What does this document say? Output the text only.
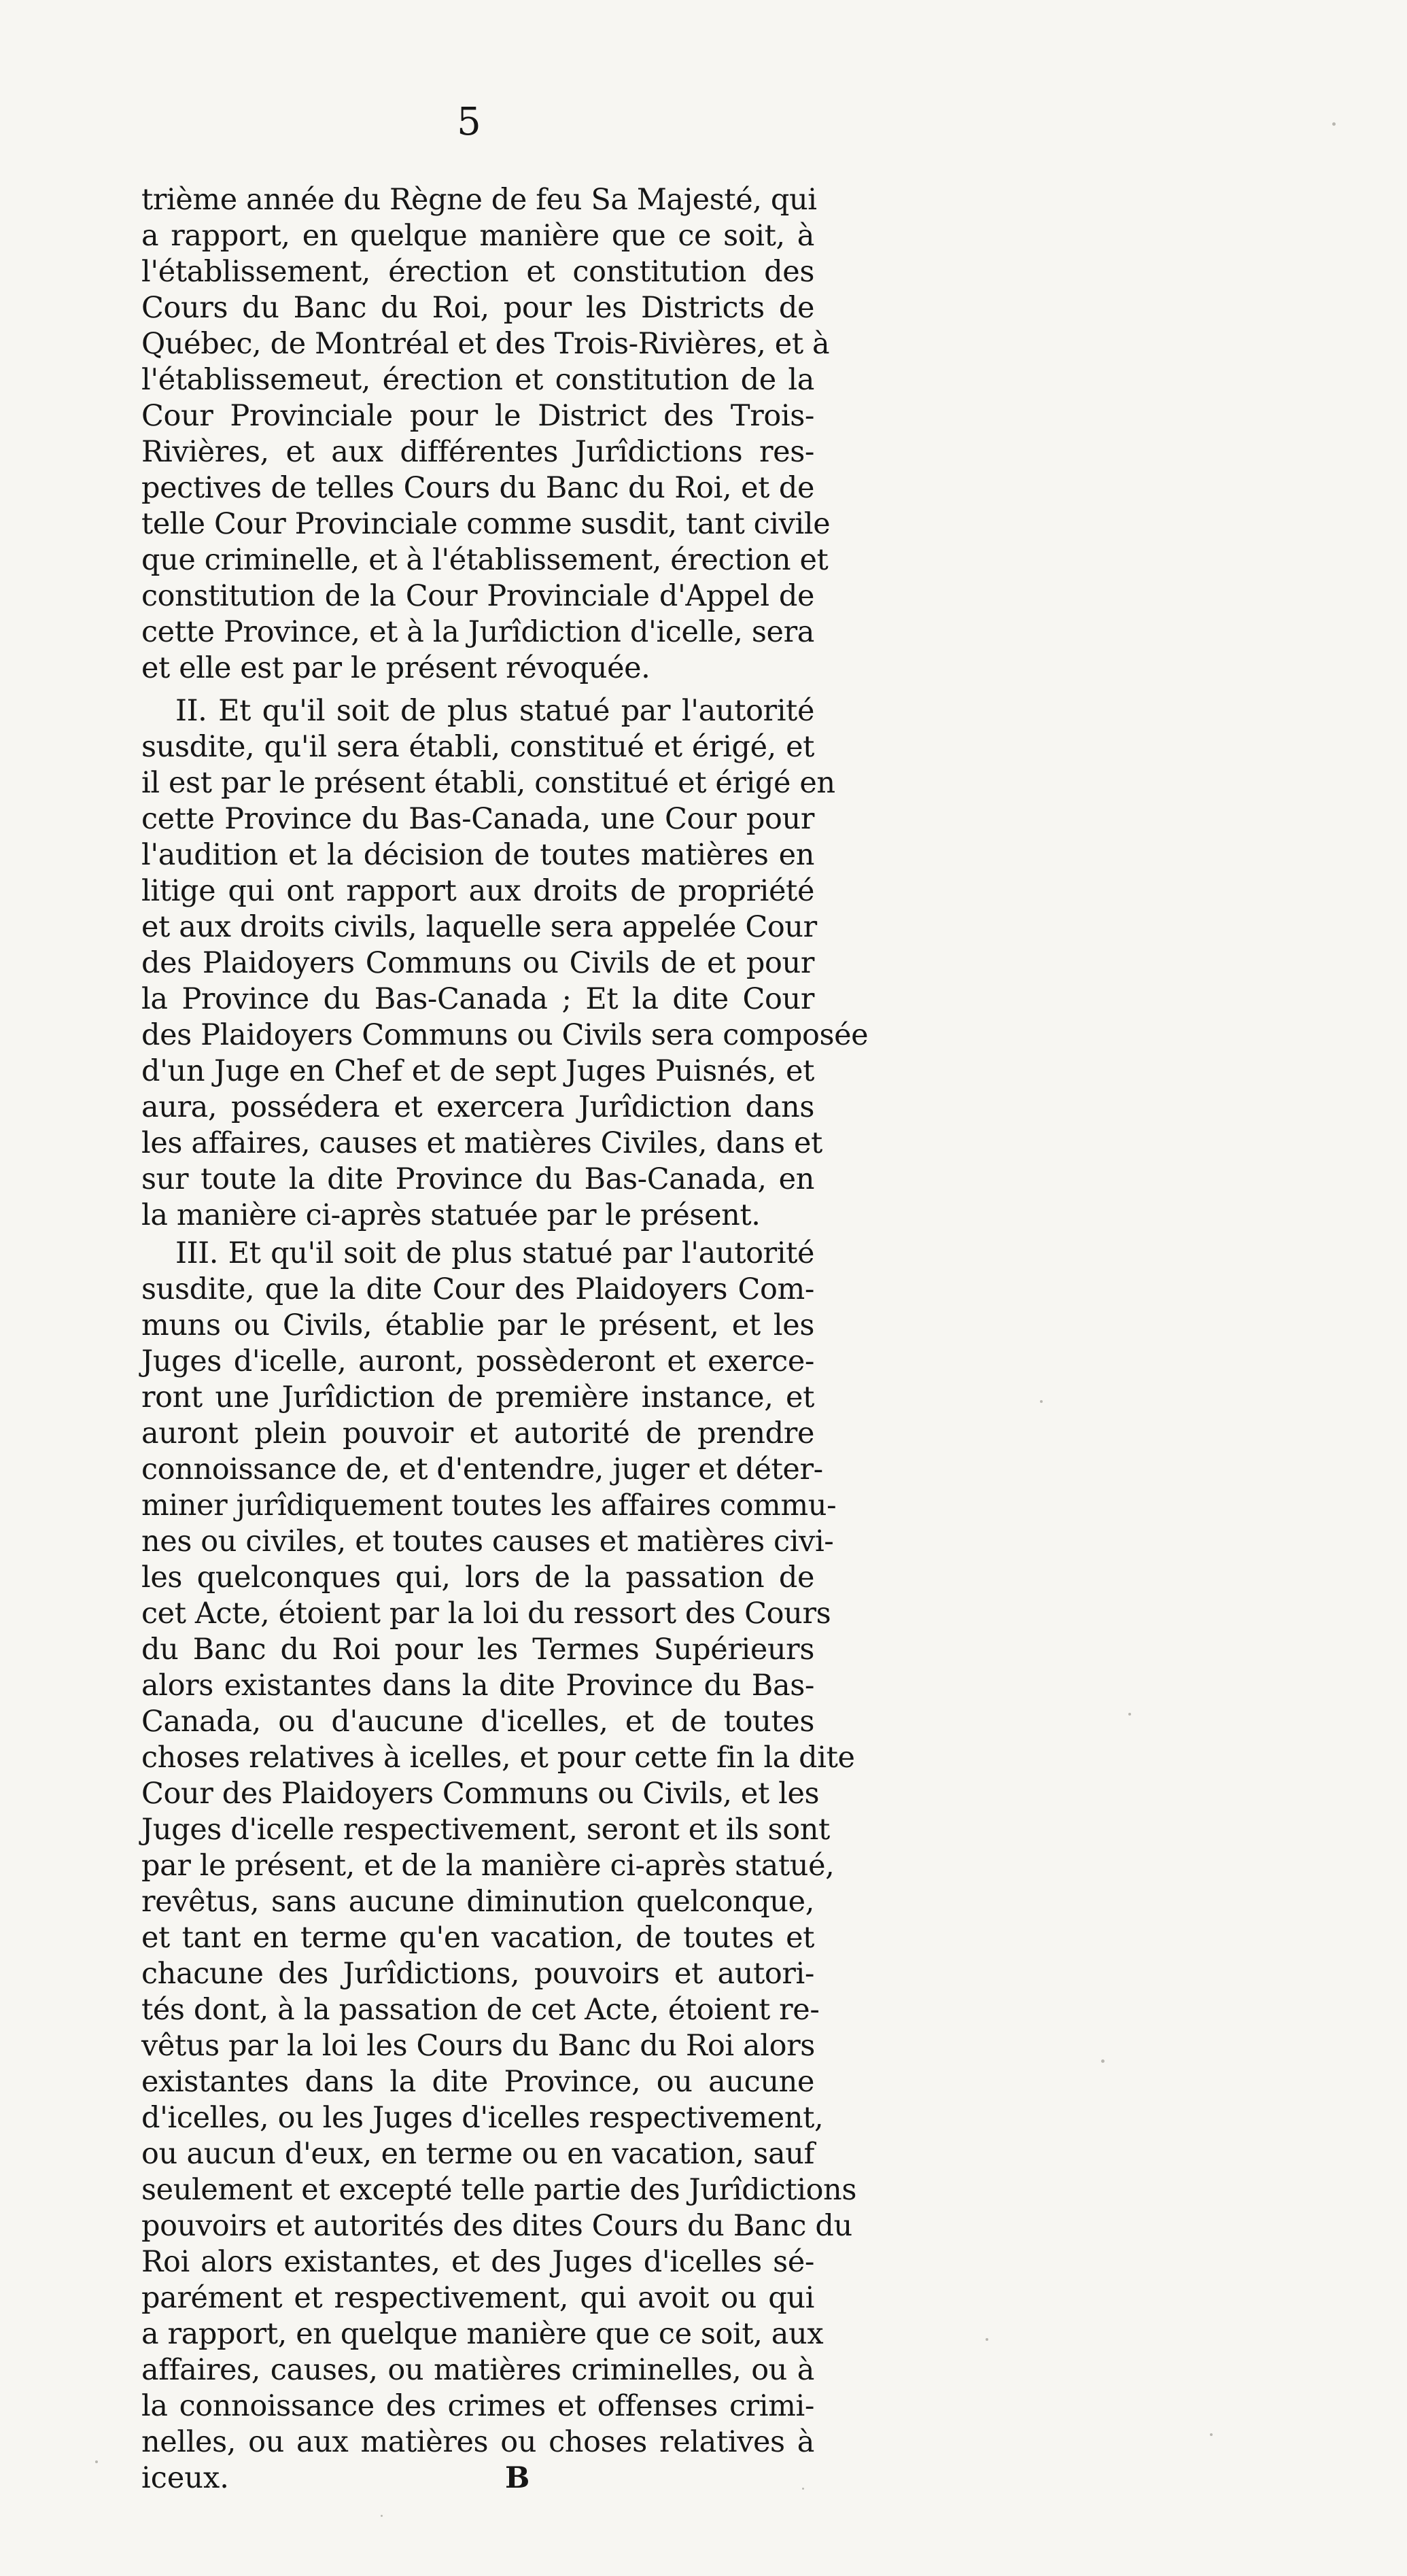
5
trième année du Règne de feu Sa Majesté, qui
a rapport, en quelque manière que ce soit, à
l'établissement, érection et constitution des
Cours du Banc du Roi, pour les Districts de
Québec, de Montréal et des Trois-Rivières, et à
l'établissemeut, érection et constitution de la
Cour Provinciale pour le District des Trois-
Rivières, et aux différentes Jurîdictions res-
pectives de telles Cours du Banc du Roi, et de
telle Cour Provinciale comme susdit, tant civile
que criminelle, et à l'établissement, érection et
constitution de la Cour Provinciale d'Appel de
cette Province, et à la Jurîdiction d'icelle, sera
et elle est par le présent révoquée.
II. Et qu'il soit de plus statué par l'autorité
susdite, qu'il sera établi, constitué et érigé, et
il est par le présent établi, constitué et érigé en
cette Province du Bas-Canada, une Cour pour
l'audition et la décision de toutes matières en
litige qui ont rapport aux droits de propriété
et aux droits civils, laquelle sera appelée Cour
des Plaidoyers Communs ou Civils de et pour
la Province du Bas-Canada ; Et la dite Cour
des Plaidoyers Communs ou Civils sera composée
d'un Juge en Chef et de sept Juges Puisnés, et
aura, possédera et exercera Jurîdiction dans
les affaires, causes et matières Civiles, dans et
sur toute la dite Province du Bas-Canada, en
la manière ci-après statuée par le présent.
III. Et qu'il soit de plus statué par l'autorité
susdite, que la dite Cour des Plaidoyers Com-
muns ou Civils, établie par le présent, et les
Juges d'icelle, auront, possèderont et exerce-
ront une Jurîdiction de première instance, et
auront plein pouvoir et autorité de prendre
connoissance de, et d'entendre, juger et déter-
miner jurîdiquement toutes les affaires commu-
nes ou civiles, et toutes causes et matières civi-
les quelconques qui, lors de la passation de
cet Acte, étoient par la loi du ressort des Cours
du Banc du Roi pour les Termes Supérieurs
alors existantes dans la dite Province du Bas-
Canada, ou d'aucune d'icelles, et de toutes
choses relatives à icelles, et pour cette fin la dite
Cour des Plaidoyers Communs ou Civils, et les
Juges d'icelle respectivement, seront et ils sont
par le présent, et de la manière ci-après statué,
revêtus, sans aucune diminution quelconque,
et tant en terme qu'en vacation, de toutes et
chacune des Jurîdictions, pouvoirs et autori-
tés dont, à la passation de cet Acte, étoient re-
vêtus par la loi les Cours du Banc du Roi alors
existantes dans la dite Province, ou aucune
d'icelles, ou les Juges d'icelles respectivement,
ou aucun d'eux, en terme ou en vacation, sauf
seulement et excepté telle partie des Jurîdictions
pouvoirs et autorités des dites Cours du Banc du
Roi alors existantes, et des Juges d'icelles sé-
parément et respectivement, qui avoit ou qui
a rapport, en quelque manière que ce soit, aux
affaires, causes, ou matières criminelles, ou à
la connoissance des crimes et offenses crimi-
nelles, ou aux matières ou choses relatives à
iceux.	B
